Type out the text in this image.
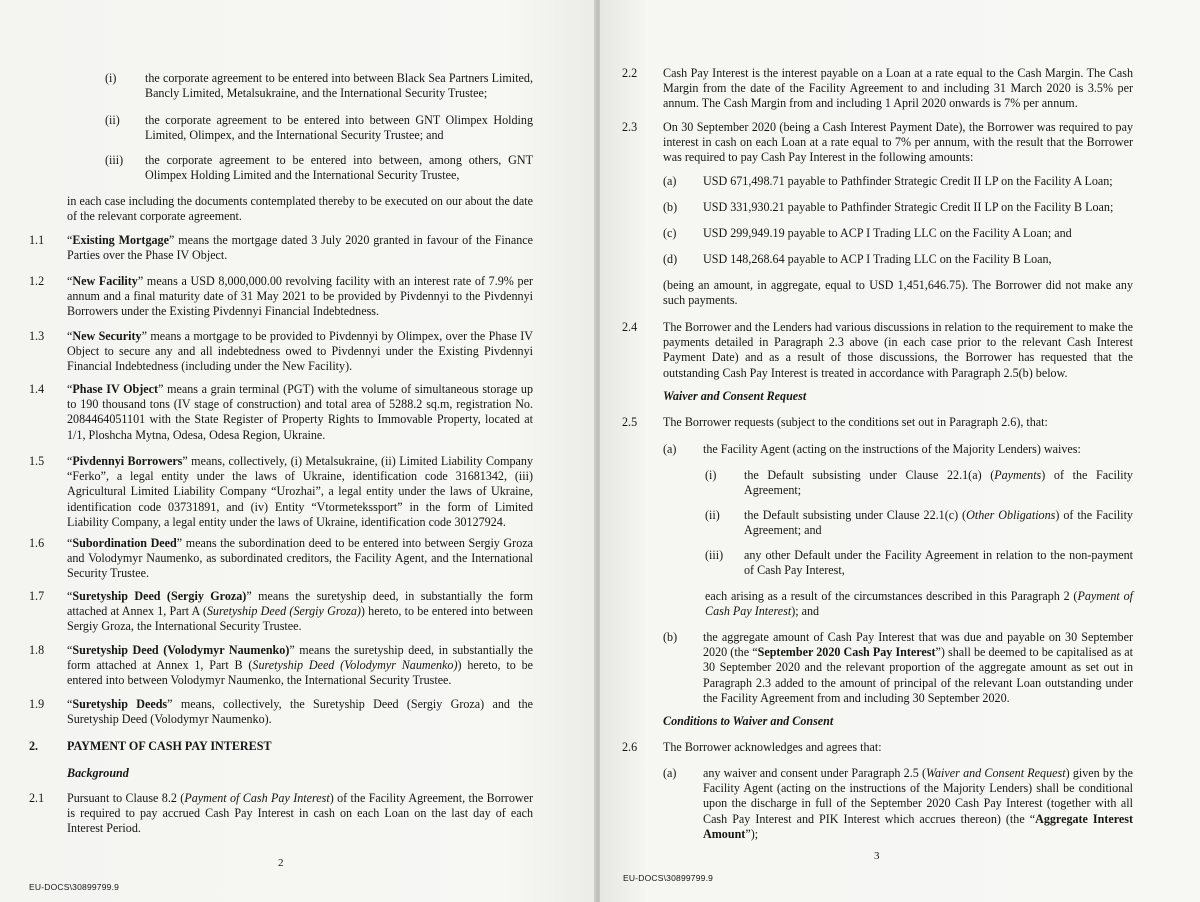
(i) the corporate agreement to be entered into between Black Sea Partners Limited, Bancly Limited, Metalsukraine, and the International Security Trustee;
(ii) the corporate agreement to be entered into between GNT Olimpex Holding Limited, Olimpex, and the International Security Trustee; and
(iii) the corporate agreement to be entered into between, among others, GNT Olimpex Holding Limited and the International Security Trustee,
in each case including the documents contemplated thereby to be executed on our about the date of the relevant corporate agreement.
1.1 “Existing Mortgage” means the mortgage dated 3 July 2020 granted in favour of the Finance Parties over the Phase IV Object.
1.2 “New Facility” means a USD 8,000,000.00 revolving facility with an interest rate of 7.9% per annum and a final maturity date of 31 May 2021 to be provided by Pivdennyi to the Pivdennyi Borrowers under the Existing Pivdennyi Financial Indebtedness.
1.3 “New Security” means a mortgage to be provided to Pivdennyi by Olimpex, over the Phase IV Object to secure any and all indebtedness owed to Pivdennyi under the Existing Pivdennyi Financial Indebtedness (including under the New Facility).
1.4 “Phase IV Object” means a grain terminal (PGT) with the volume of simultaneous storage up to 190 thousand tons (IV stage of construction) and total area of 5288.2 sq.m, registration No. 2084464051101 with the State Register of Property Rights to Immovable Property, located at 1/1, Ploshcha Mytna, Odesa, Odesa Region, Ukraine.
1.5 “Pivdennyi Borrowers” means, collectively, (i) Metalsukraine, (ii) Limited Liability Company “Ferko”, a legal entity under the laws of Ukraine, identification code 31681342, (iii) Agricultural Limited Liability Company “Urozhai”, a legal entity under the laws of Ukraine, identification code 03731891, and (iv) Entity “Vtormetekssport” in the form of Limited Liability Company, a legal entity under the laws of Ukraine, identification code 30127924.
1.6 “Subordination Deed” means the subordination deed to be entered into between Sergiy Groza and Volodymyr Naumenko, as subordinated creditors, the Facility Agent, and the International Security Trustee.
1.7 “Suretyship Deed (Sergiy Groza)” means the suretyship deed, in substantially the form attached at Annex 1, Part A (Suretyship Deed (Sergiy Groza)) hereto, to be entered into between Sergiy Groza, the International Security Trustee.
1.8 “Suretyship Deed (Volodymyr Naumenko)” means the suretyship deed, in substantially the form attached at Annex 1, Part B (Suretyship Deed (Volodymyr Naumenko)) hereto, to be entered into between Volodymyr Naumenko, the International Security Trustee.
1.9 “Suretyship Deeds” means, collectively, the Suretyship Deed (Sergiy Groza) and the Suretyship Deed (Volodymyr Naumenko).
2. PAYMENT OF CASH PAY INTEREST
Background
2.1 Pursuant to Clause 8.2 (Payment of Cash Pay Interest) of the Facility Agreement, the Borrower is required to pay accrued Cash Pay Interest in cash on each Loan on the last day of each Interest Period.
2
EU-DOCS\30899799.9
2.2 Cash Pay Interest is the interest payable on a Loan at a rate equal to the Cash Margin. The Cash Margin from the date of the Facility Agreement to and including 31 March 2020 is 3.5% per annum. The Cash Margin from and including 1 April 2020 onwards is 7% per annum.
2.3 On 30 September 2020 (being a Cash Interest Payment Date), the Borrower was required to pay interest in cash on each Loan at a rate equal to 7% per annum, with the result that the Borrower was required to pay Cash Pay Interest in the following amounts:
(a) USD 671,498.71 payable to Pathfinder Strategic Credit II LP on the Facility A Loan;
(b) USD 331,930.21 payable to Pathfinder Strategic Credit II LP on the Facility B Loan;
(c) USD 299,949.19 payable to ACP I Trading LLC on the Facility A Loan; and
(d) USD 148,268.64 payable to ACP I Trading LLC on the Facility B Loan,
(being an amount, in aggregate, equal to USD 1,451,646.75). The Borrower did not make any such payments.
2.4 The Borrower and the Lenders had various discussions in relation to the requirement to make the payments detailed in Paragraph 2.3 above (in each case prior to the relevant Cash Interest Payment Date) and as a result of those discussions, the Borrower has requested that the outstanding Cash Pay Interest is treated in accordance with Paragraph 2.5(b) below.
Waiver and Consent Request
2.5 The Borrower requests (subject to the conditions set out in Paragraph 2.6), that:
(a) the Facility Agent (acting on the instructions of the Majority Lenders) waives:
(i) the Default subsisting under Clause 22.1(a) (Payments) of the Facility Agreement;
(ii) the Default subsisting under Clause 22.1(c) (Other Obligations) of the Facility Agreement; and
(iii) any other Default under the Facility Agreement in relation to the non-payment of Cash Pay Interest,
each arising as a result of the circumstances described in this Paragraph 2 (Payment of Cash Pay Interest); and
(b) the aggregate amount of Cash Pay Interest that was due and payable on 30 September 2020 (the “September 2020 Cash Pay Interest”) shall be deemed to be capitalised as at 30 September 2020 and the relevant proportion of the aggregate amount as set out in Paragraph 2.3 added to the amount of principal of the relevant Loan outstanding under the Facility Agreement from and including 30 September 2020.
Conditions to Waiver and Consent
2.6 The Borrower acknowledges and agrees that:
(a) any waiver and consent under Paragraph 2.5 (Waiver and Consent Request) given by the Facility Agent (acting on the instructions of the Majority Lenders) shall be conditional upon the discharge in full of the September 2020 Cash Pay Interest (together with all Cash Pay Interest and PIK Interest which accrues thereon) (the “Aggregate Interest Amount”);
3
EU-DOCS\30899799.9
